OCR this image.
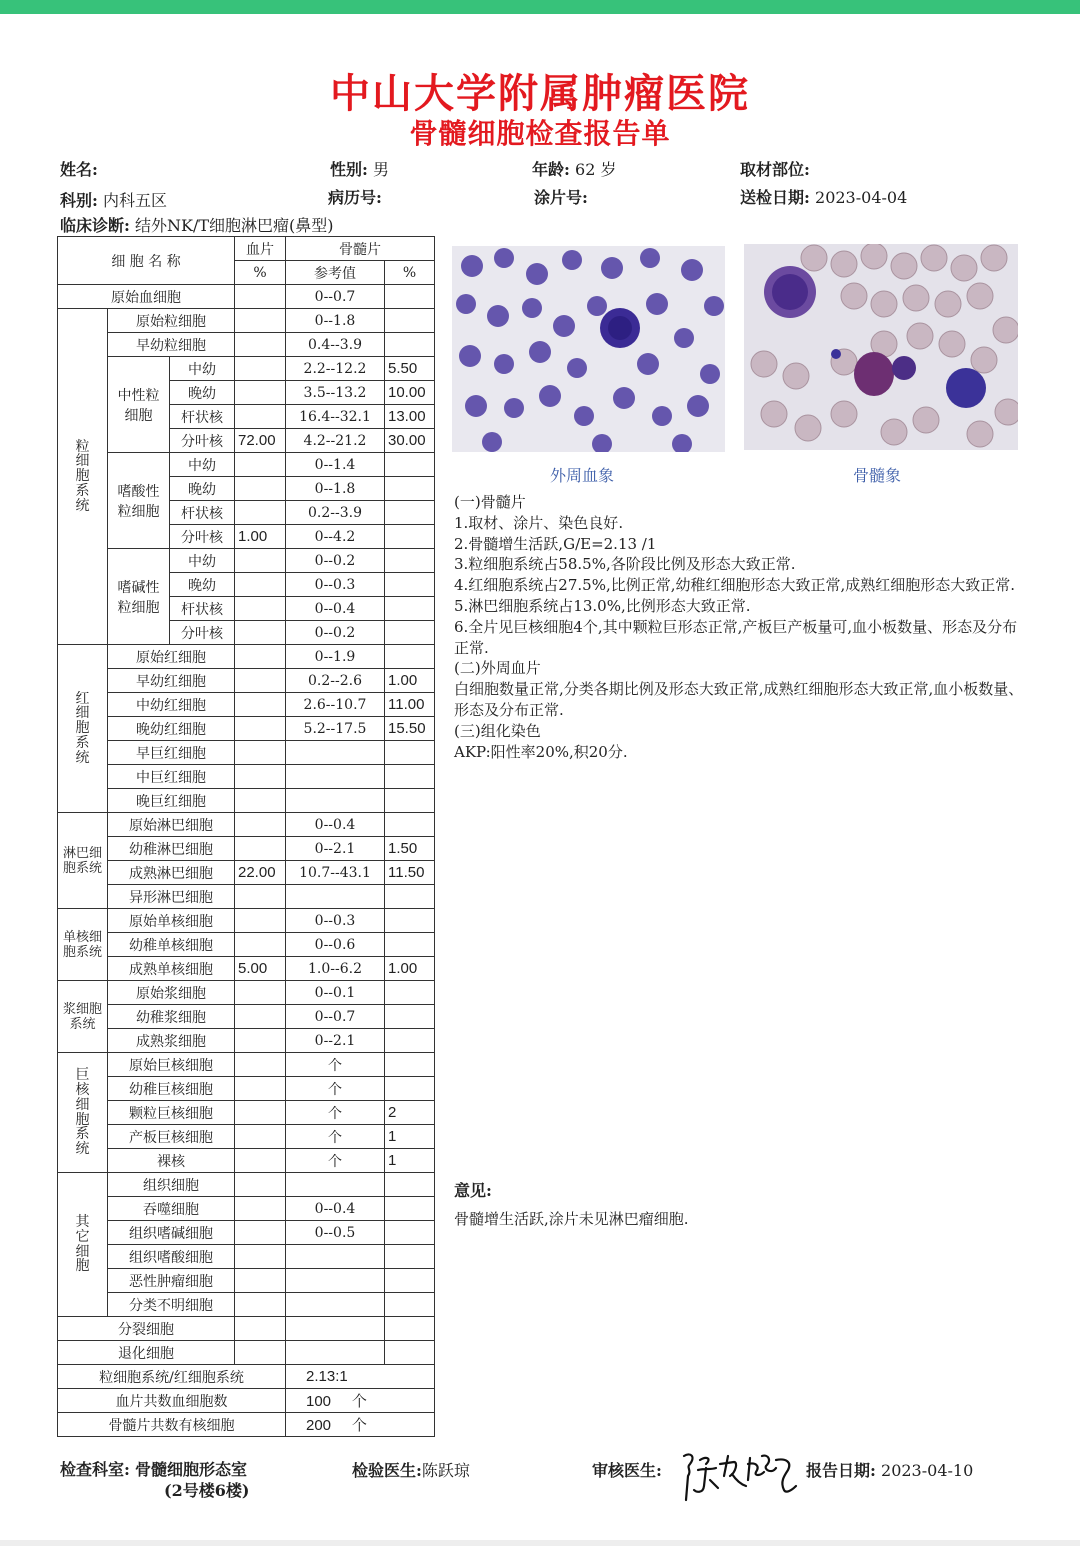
中山大学附属肿瘤医院
骨髓细胞检查报告单
姓名:	性别: 男	年龄: 62 岁	取材部位:
科别: 内科五区	病历号:	涂片号:	送检日期: 2023-04-04
临床诊断: 结外NK/T细胞淋巴瘤(鼻型)
细 胞 名 称			血片	骨髓片	
			%	参考值	%
原始血细胞				0--0.7	

粒细胞系统	原始粒细胞			0--1.8	
	早幼粒细胞			0.4--3.9	
	中性粒细胞	中幼		2.2--12.2	5.50
		晚幼		3.5--13.2	10.00
		杆状核		16.4--32.1	13.00
		分叶核	72.00	4.2--21.2	30.00
	嗜酸性粒细胞	中幼		0--1.4	
		晚幼		0--1.8	
		杆状核		0.2--3.9	
		分叶核	1.00	0--4.2	
	嗜碱性粒细胞	中幼		0--0.2	
		晚幼		0--0.3	
		杆状核		0--0.4	
		分叶核		0--0.2	

红细胞系统	原始红细胞			0--1.9	
	早幼红细胞			0.2--2.6	1.00
	中幼红细胞			2.6--10.7	11.00
	晚幼红细胞			5.2--17.5	15.50
	早巨红细胞				
	中巨红细胞				
	晚巨红细胞				
淋巴细胞系统	原始淋巴细胞			0--0.4	
	幼稚淋巴细胞			0--2.1	1.50
	成熟淋巴细胞		22.00	10.7--43.1	11.50
	异形淋巴细胞				
单核细胞系统	原始单核细胞			0--0.3	
	幼稚单核细胞			0--0.6	
	成熟单核细胞		5.00	1.0--6.2	1.00
浆细胞系统	原始浆细胞			0--0.1	
	幼稚浆细胞			0--0.7	
	成熟浆细胞			0--2.1	

巨核细胞系统	原始巨核细胞			个	
	幼稚巨核细胞			个	
	颗粒巨核细胞			个	2
	产板巨核细胞			个	1
	裸核			个	1

其它细胞	组织细胞				
	吞噬细胞			0--0.4	
	组织嗜碱细胞			0--0.5	
	组织嗜酸细胞				
	恶性肿瘤细胞				
	分类不明细胞				
分裂细胞					
退化细胞					
粒细胞系统/红细胞系统				2.13:1	
血片共数血细胞数				100 个	
骨髓片共数有核细胞				200 个	
外周血象	骨髓象

(一)骨髓片

1.取材、涂片、染色良好.

2.骨髓增生活跃,G/E=2.13 /1

3.粒细胞系统占58.5%,各阶段比例及形态大致正常.

4.红细胞系统占27.5%,比例正常,幼稚红细胞形态大致正常,成熟红细胞形态大致正常.

5.淋巴细胞系统占13.0%,比例形态大致正常.

6.全片见巨核细胞4个,其中颗粒巨形态正常,产板巨产板量可,血小板数量、形态及分布正常.

(二)外周血片

白细胞数量正常,分类各期比例及形态大致正常,成熟红细胞形态大致正常,血小板数量、形态及分布正常.

(三)组化染色

AKP:阳性率20%,积20分.

意见:
骨髓增生活跃,涂片未见淋巴瘤细胞.
检查科室: 骨髓细胞形态室
(2号楼6楼)
检验医生:陈跃琼	审核医生:	报告日期: 2023-04-10
